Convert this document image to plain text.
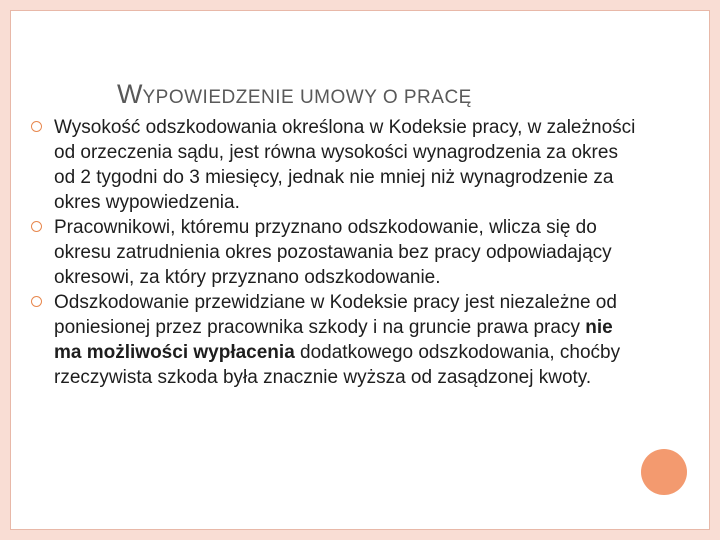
WYPOWIEDZENIE UMOWY O PRACĘ

Wysokość odszkodowania określona w Kodeksie pracy, w zależności od orzeczenia sądu, jest równa wysokości wynagrodzenia za okres od 2 tygodni do 3 miesięcy, jednak nie mniej niż wynagrodzenie za okres wypowiedzenia.

Pracownikowi, któremu przyznano odszkodowanie, wlicza się do okresu zatrudnienia okres pozostawania bez pracy odpowiadający okresowi, za który przyznano odszkodowanie.

Odszkodowanie przewidziane w Kodeksie pracy jest niezależne od poniesionej przez pracownika szkody i na gruncie prawa pracy nie ma możliwości wypłacenia dodatkowego odszkodowania, choćby rzeczywista szkoda była znacznie wyższa od zasądzonej kwoty.
